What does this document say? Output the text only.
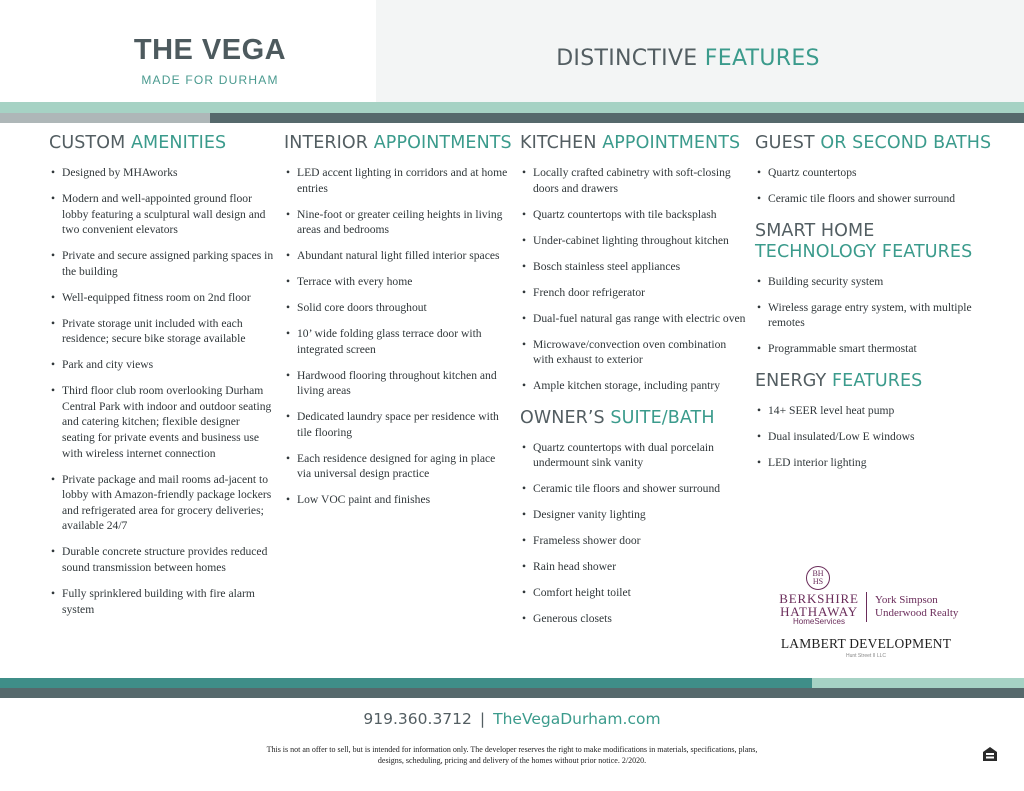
THE VEGA
MADE FOR DURHAM
DISTINCTIVE FEATURES
CUSTOM AMENITIES
• Designed by MHAworks
• Modern and well-appointed ground floor lobby featuring a sculptural wall design and two convenient elevators
• Private and secure assigned parking spaces in the building
• Well-equipped fitness room on 2nd floor
• Private storage unit included with each residence; secure bike storage available
• Park and city views
• Third floor club room overlooking Durham Central Park with indoor and outdoor seating and catering kitchen; flexible designer seating for private events and business use with wireless internet connection
• Private package and mail rooms ad-jacent to lobby with Amazon-friendly package lockers and refrigerated area for grocery deliveries; available 24/7
• Durable concrete structure provides reduced sound transmission between homes
• Fully sprinklered building with fire alarm system
INTERIOR APPOINTMENTS
• LED accent lighting in corridors and at home entries
• Nine-foot or greater ceiling heights in living areas and bedrooms
• Abundant natural light filled interior spaces
• Terrace with every home
• Solid core doors throughout
• 10’ wide folding glass terrace door with integrated screen
• Hardwood flooring throughout kitchen and living areas
• Dedicated laundry space per residence with tile flooring
• Each residence designed for aging in place via universal design practice
• Low VOC paint and finishes
KITCHEN APPOINTMENTS
• Locally crafted cabinetry with soft-closing doors and drawers
• Quartz countertops with tile backsplash
• Under-cabinet lighting throughout kitchen
• Bosch stainless steel appliances
• French door refrigerator
• Dual-fuel natural gas range with electric oven
• Microwave/convection oven combination with exhaust to exterior
• Ample kitchen storage, including pantry
OWNER’S SUITE/BATH
• Quartz countertops with dual porcelain undermount sink vanity
• Ceramic tile floors and shower surround
• Designer vanity lighting
• Frameless shower door
• Rain head shower
• Comfort height toilet
• Generous closets
GUEST OR SECOND BATHS
• Quartz countertops
• Ceramic tile floors and shower surround
SMART HOME
TECHNOLOGY FEATURES
• Building security system
• Wireless garage entry system, with multiple remotes
• Programmable smart thermostat
ENERGY FEATURES
• 14+ SEER level heat pump
• Dual insulated/Low E windows
• LED interior lighting
BH HS
BERKSHIRE
HATHAWAY
HomeServices
York Simpson
Underwood Realty
LAMBERT DEVELOPMENT
Hunt Street II LLC
919.360.3712 | TheVegaDurham.com
This is not an offer to sell, but is intended for information only. The developer reserves the right to make modifications in materials, specifications, plans, designs, scheduling, pricing and delivery of the homes without prior notice. 2/2020.
